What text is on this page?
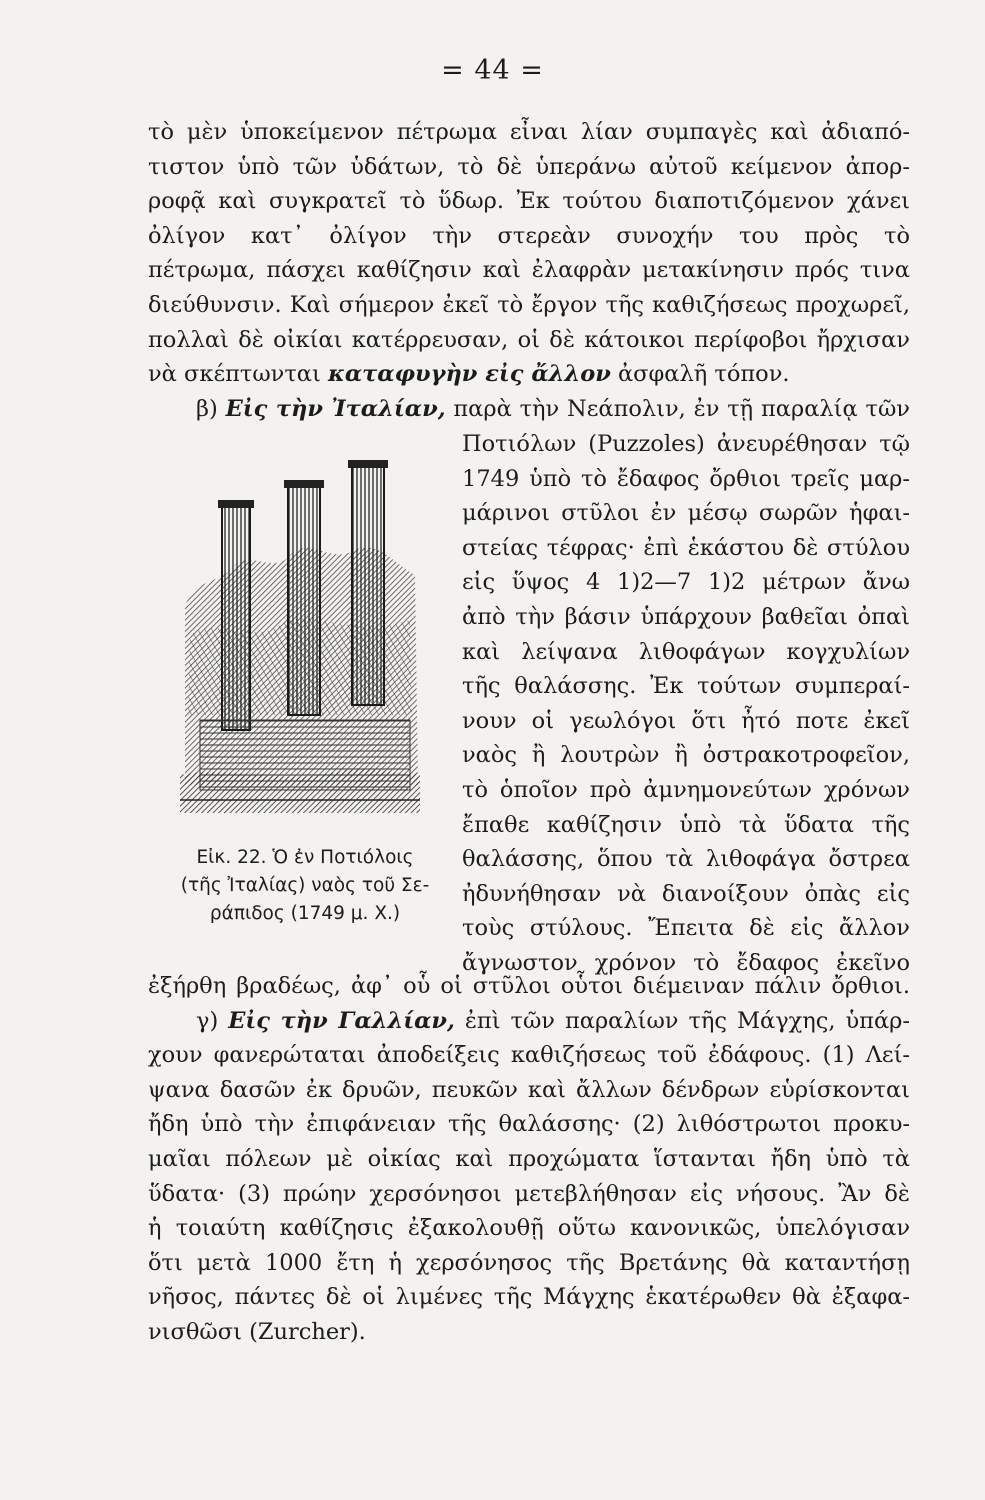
= 44 =
τὸ μὲν ὑποκείμενον πέτρωμα εἶναι λίαν συμπαγὲς καὶ ἀδιαπό-
τιστον ὑπὸ τῶν ὑδάτων, τὸ δὲ ὑπεράνω αὐτοῦ κείμενον ἀπορ-
ροφᾷ καὶ συγκρατεῖ τὸ ὕδωρ. Ἐκ τούτου διαποτιζόμενον χάνει
ὀλίγον κατ᾽ ὀλίγον τὴν στερεὰν συνοχήν του πρὸς τὸ
πέτρωμα, πάσχει καθίζησιν καὶ ἐλαφρὰν μετακίνησιν πρός τινα
διεύθυνσιν. Καὶ σήμερον ἐκεῖ τὸ ἔργον τῆς καθιζήσεως προχωρεῖ,
πολλαὶ δὲ οἰκίαι κατέρρευσαν, οἱ δὲ κάτοικοι περίφοβοι ἤρχισαν
νὰ σκέπτωνται καταφυγὴν εἰς ἄλλον ἀσφαλῆ τόπον.
β) Εἰς τὴν Ἰταλίαν, παρὰ τὴν Νεάπολιν, ἐν τῇ παραλίᾳ τῶν
Ποτιόλων (Puzzoles) ἀνευρέθησαν τῷ
1749 ὑπὸ τὸ ἔδαφος ὄρθιοι τρεῖς μαρ-
μάρινοι στῦλοι ἐν μέσῳ σωρῶν ἡφαι-
στείας τέφρας· ἐπὶ ἑκάστου δὲ στύλου
εἰς ὕψος 4 1)2—7 1)2 μέτρων ἄνω
ἀπὸ τὴν βάσιν ὑπάρχουν βαθεῖαι ὀπαὶ
καὶ λείψανα λιθοφάγων κογχυλίων
τῆς θαλάσσης. Ἐκ τούτων συμπεραί-
νουν οἱ γεωλόγοι ὅτι ἦτό ποτε ἐκεῖ
ναὸς ἢ λουτρὼν ἢ ὀστρακοτροφεῖον,
τὸ ὁποῖον πρὸ ἀμνημονεύτων χρόνων
ἔπαθε καθίζησιν ὑπὸ τὰ ὕδατα τῆς
θαλάσσης, ὅπου τὰ λιθοφάγα ὄστρεα
ἠδυνήθησαν νὰ διανοίξουν ὀπὰς εἰς
τοὺς στύλους. Ἔπειτα δὲ εἰς ἄλλον
ἄγνωστον χρόνον τὸ ἔδαφος ἐκεῖνο
Εἰκ. 22. Ὁ ἐν Ποτιόλοις
(τῆς Ἰταλίας) ναὸς τοῦ Σε-
ράπιδος (1749 μ. Χ.)
ἐξήρθη βραδέως, ἀφ᾽ οὗ οἱ στῦλοι οὗτοι διέμειναν πάλιν ὄρθιοι.
γ) Εἰς τὴν Γαλλίαν, ἐπὶ τῶν παραλίων τῆς Μάγχης, ὑπάρ-
χουν φανερώταται ἀποδείξεις καθιζήσεως τοῦ ἐδάφους. (1) Λεί-
ψανα δασῶν ἐκ δρυῶν, πευκῶν καὶ ἄλλων δένδρων εὑρίσκονται
ἤδη ὑπὸ τὴν ἐπιφάνειαν τῆς θαλάσσης· (2) λιθόστρωτοι προκυ-
μαῖαι πόλεων μὲ οἰκίας καὶ προχώματα ἵστανται ἤδη ὑπὸ τὰ
ὕδατα· (3) πρώην χερσόνησοι μετεβλήθησαν εἰς νήσους. Ἂν δὲ
ἡ τοιαύτη καθίζησις ἐξακολουθῇ οὕτω κανονικῶς, ὑπελόγισαν
ὅτι μετὰ 1000 ἔτη ἡ χερσόνησος τῆς Βρετάνης θὰ καταντήσῃ
νῆσος, πάντες δὲ οἱ λιμένες τῆς Μάγχης ἑκατέρωθεν θὰ ἐξαφα-
νισθῶσι (Zurcher).
